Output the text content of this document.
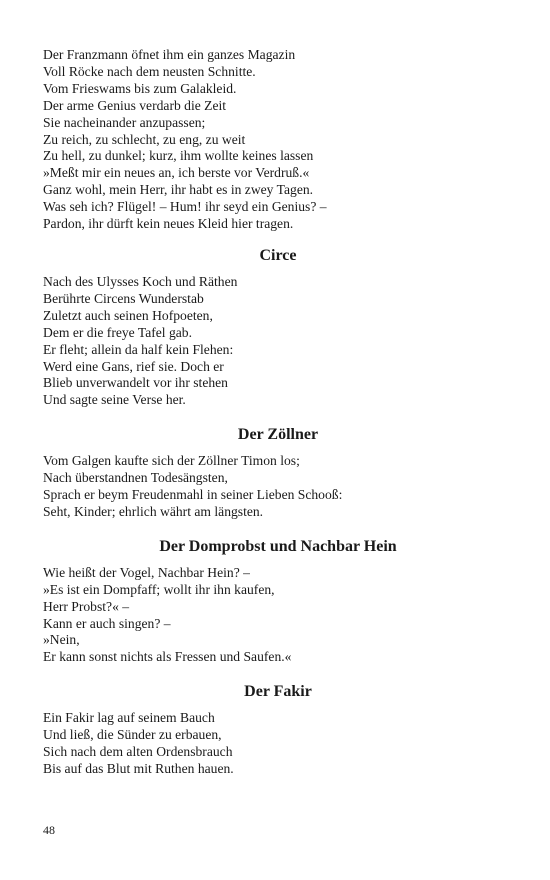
Der Franzmann öfnet ihm ein ganzes Magazin
Voll Röcke nach dem neusten Schnitte.
Vom Frieswams bis zum Galakleid.
Der arme Genius verdarb die Zeit
Sie nacheinander anzupassen;
Zu reich, zu schlecht, zu eng, zu weit
Zu hell, zu dunkel; kurz, ihm wollte keines lassen
»Meßt mir ein neues an, ich berste vor Verdruß.«
Ganz wohl, mein Herr, ihr habt es in zwey Tagen.
Was seh ich? Flügel! – Hum! ihr seyd ein Genius? –
Pardon, ihr dürft kein neues Kleid hier tragen.
Circe
Nach des Ulysses Koch und Räthen
Berührte Circens Wunderstab
Zuletzt auch seinen Hofpoeten,
Dem er die freye Tafel gab.
Er fleht; allein da half kein Flehen:
Werd eine Gans, rief sie. Doch er
Blieb unverwandelt vor ihr stehen
Und sagte seine Verse her.
Der Zöllner
Vom Galgen kaufte sich der Zöllner Timon los;
Nach überstandnen Todesängsten,
Sprach er beym Freudenmahl in seiner Lieben Schooß:
Seht, Kinder; ehrlich währt am längsten.
Der Domprobst und Nachbar Hein
Wie heißt der Vogel, Nachbar Hein? –
»Es ist ein Dompfaff; wollt ihr ihn kaufen,
Herr Probst?« –
Kann er auch singen? –
»Nein,
Er kann sonst nichts als Fressen und Saufen.«
Der Fakir
Ein Fakir lag auf seinem Bauch
Und ließ, die Sünder zu erbauen,
Sich nach dem alten Ordensbrauch
Bis auf das Blut mit Ruthen hauen.
48
